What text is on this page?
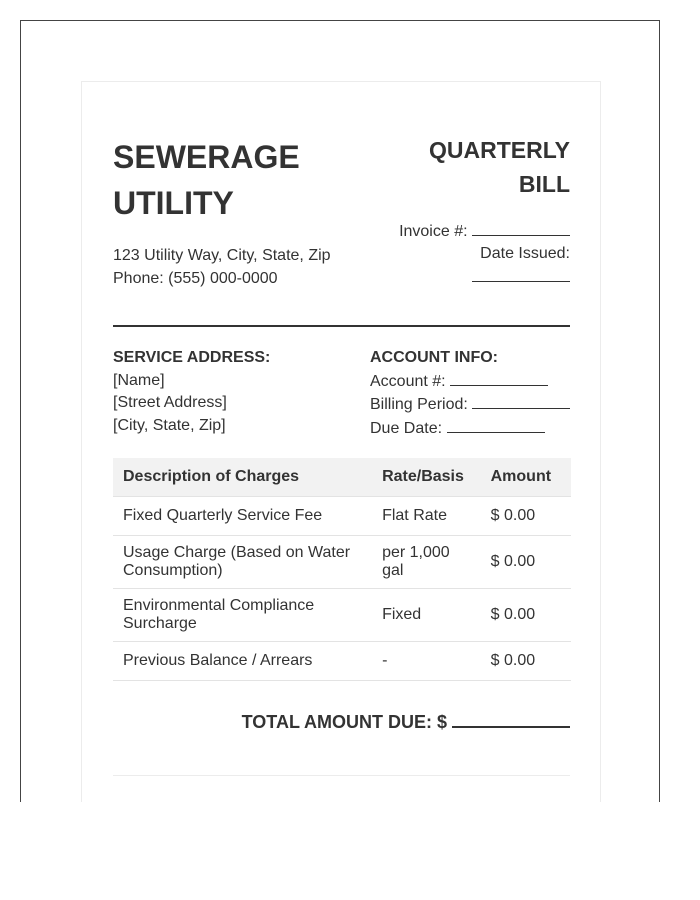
SEWERAGE UTILITY
123 Utility Way, City, State, Zip
Phone: (555) 000-0000
QUARTERLY BILL
Invoice #:
Date Issued:
SERVICE ADDRESS:
[Name]
[Street Address]
[City, State, Zip]
ACCOUNT INFO:
Account #:
Billing Period:
Due Date:
Description of Charges	Rate/Basis	Amount
Fixed Quarterly Service Fee	Flat Rate	$ 0.00
Usage Charge (Based on Water Consumption)	per 1,000 gal	$ 0.00
Environmental Compliance Surcharge	Fixed	$ 0.00
Previous Balance / Arrears	-	$ 0.00
TOTAL AMOUNT DUE: $
